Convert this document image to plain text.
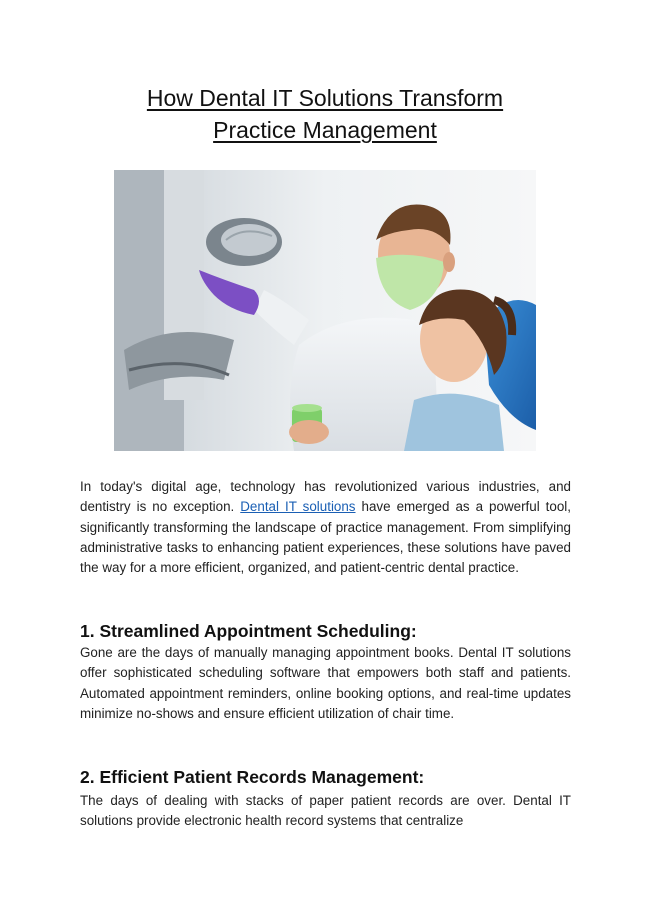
How Dental IT Solutions Transform
Practice Management

In today's digital age, technology has revolutionized various industries, and dentistry is no exception. Dental IT solutions have emerged as a powerful tool, significantly transforming the landscape of practice management. From simplifying administrative tasks to enhancing patient experiences, these solutions have paved the way for a more efficient, organized, and patient-centric dental practice.

1. Streamlined Appointment Scheduling:

Gone are the days of manually managing appointment books. Dental IT solutions offer sophisticated scheduling software that empowers both staff and patients. Automated appointment reminders, online booking options, and real-time updates minimize no-shows and ensure efficient utilization of chair time.

2. Efficient Patient Records Management:

The days of dealing with stacks of paper patient records are over. Dental IT solutions provide electronic health record systems that centralize
